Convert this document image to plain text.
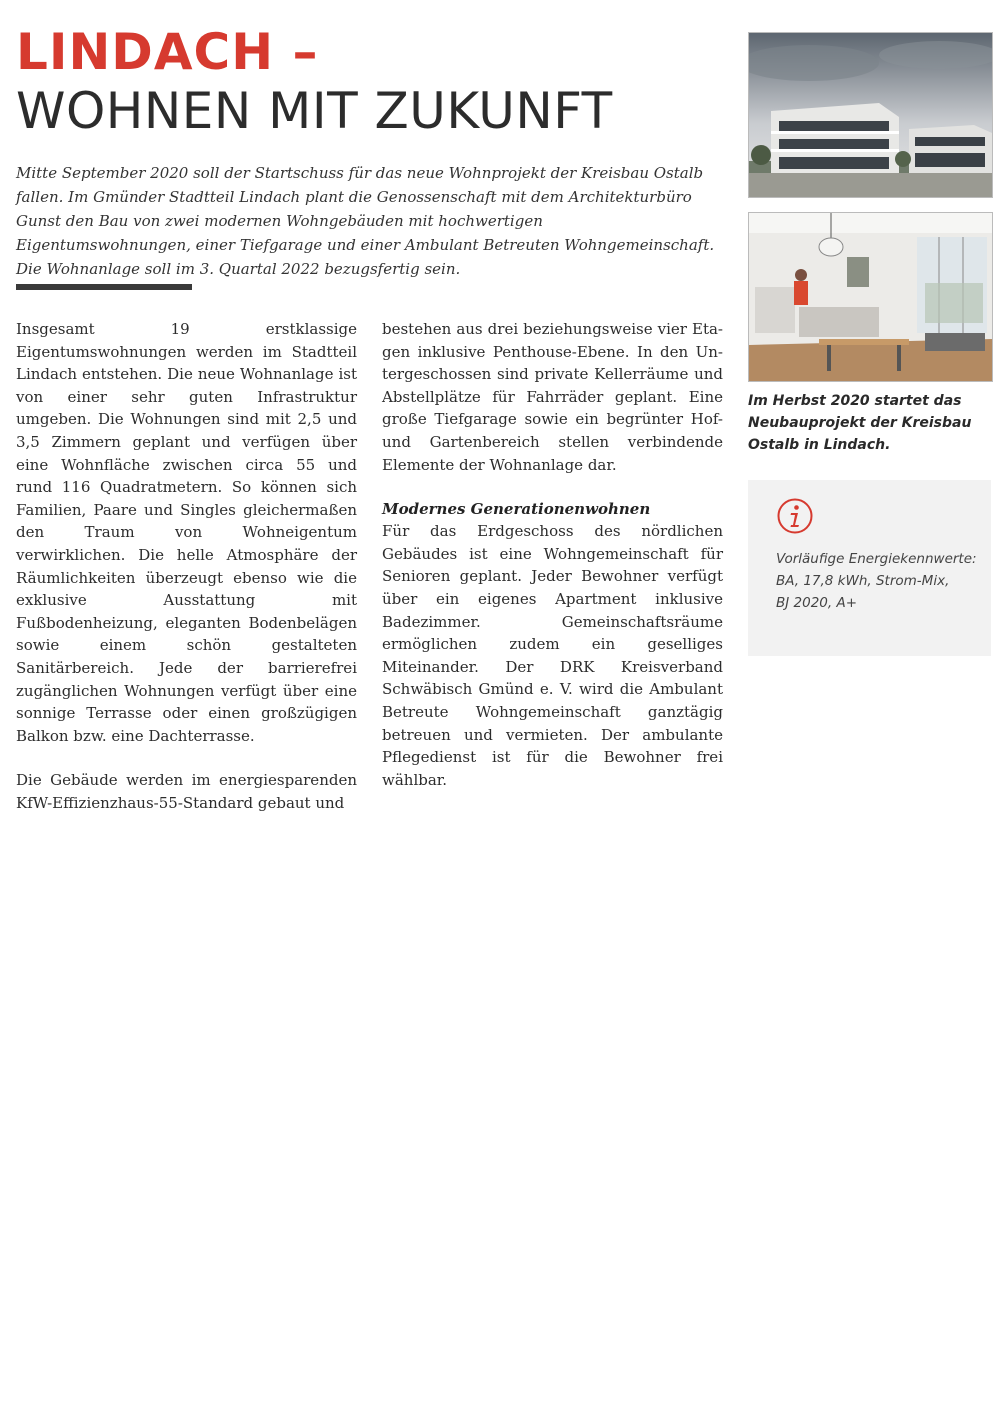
LINDACH –
WOHNEN MIT ZUKUNFT
Mitte September 2020 soll der Startschuss für das neue Wohnprojekt der Kreisbau Ostalb fallen. Im Gmünder Stadtteil Lindach plant die Genossenschaft mit dem Architekturbüro Gunst den Bau von zwei modernen Wohngebäuden mit hochwertigen Eigentumswohnungen, einer Tiefgarage und einer Ambulant Betreuten Wohngemeinschaft. Die Wohnanlage soll im 3. Quartal 2022 bezugsfertig sein.

Insgesamt 19 erstklassige Eigentumswohnungen werden im Stadtteil Lindach entstehen. Die neue Wohnanlage ist von einer sehr guten Infrastruktur umgeben. Die Wohnungen sind mit 2,5 und 3,5 Zimmern geplant und verfügen über eine Wohnfläche zwischen circa 55 und rund 116 Quadratmetern. So können sich Familien, Paare und Singles gleichermaßen den Traum von Wohneigentum verwirklichen. Die helle Atmosphäre der Räumlichkeiten überzeugt ebenso wie die exklusive Ausstattung mit Fußbodenheizung, eleganten Bodenbelägen sowie einem schön gestalteten Sanitärbereich. Jede der barrierefrei zugänglichen Wohnungen verfügt über eine sonnige Terrasse oder einen großzügigen Balkon bzw. eine Dachterrasse.

Die Gebäude werden im energiesparenden KfW-Effizienzhaus-55-Standard gebaut und

bestehen aus drei beziehungsweise vier Etagen inklusive Penthouse-Ebene. In den Untergeschossen sind private Kellerräume und Abstellplätze für Fahrräder geplant. Eine große Tiefgarage sowie ein begrünter Hof- und Gartenbereich stellen verbindende Elemente der Wohnanlage dar.

Modernes Generationenwohnen

Für das Erdgeschoss des nördlichen Gebäudes ist eine Wohngemeinschaft für Senioren geplant. Jeder Bewohner verfügt über ein eigenes Apartment inklusive Badezimmer. Gemeinschaftsräume ermöglichen zudem ein geselliges Miteinander. Der DRK Kreisverband Schwäbisch Gmünd e. V. wird die Ambulant Betreute Wohngemeinschaft ganztägig betreuen und vermieten. Der ambulante Pflegedienst ist für die Bewohner frei wählbar.

Im Herbst 2020 startet das Neubauprojekt der Kreisbau Ostalb in Lindach.
Vorläufige Energiekennwerte:
BA, 17,8 kWh, Strom-Mix,
BJ 2020, A+
